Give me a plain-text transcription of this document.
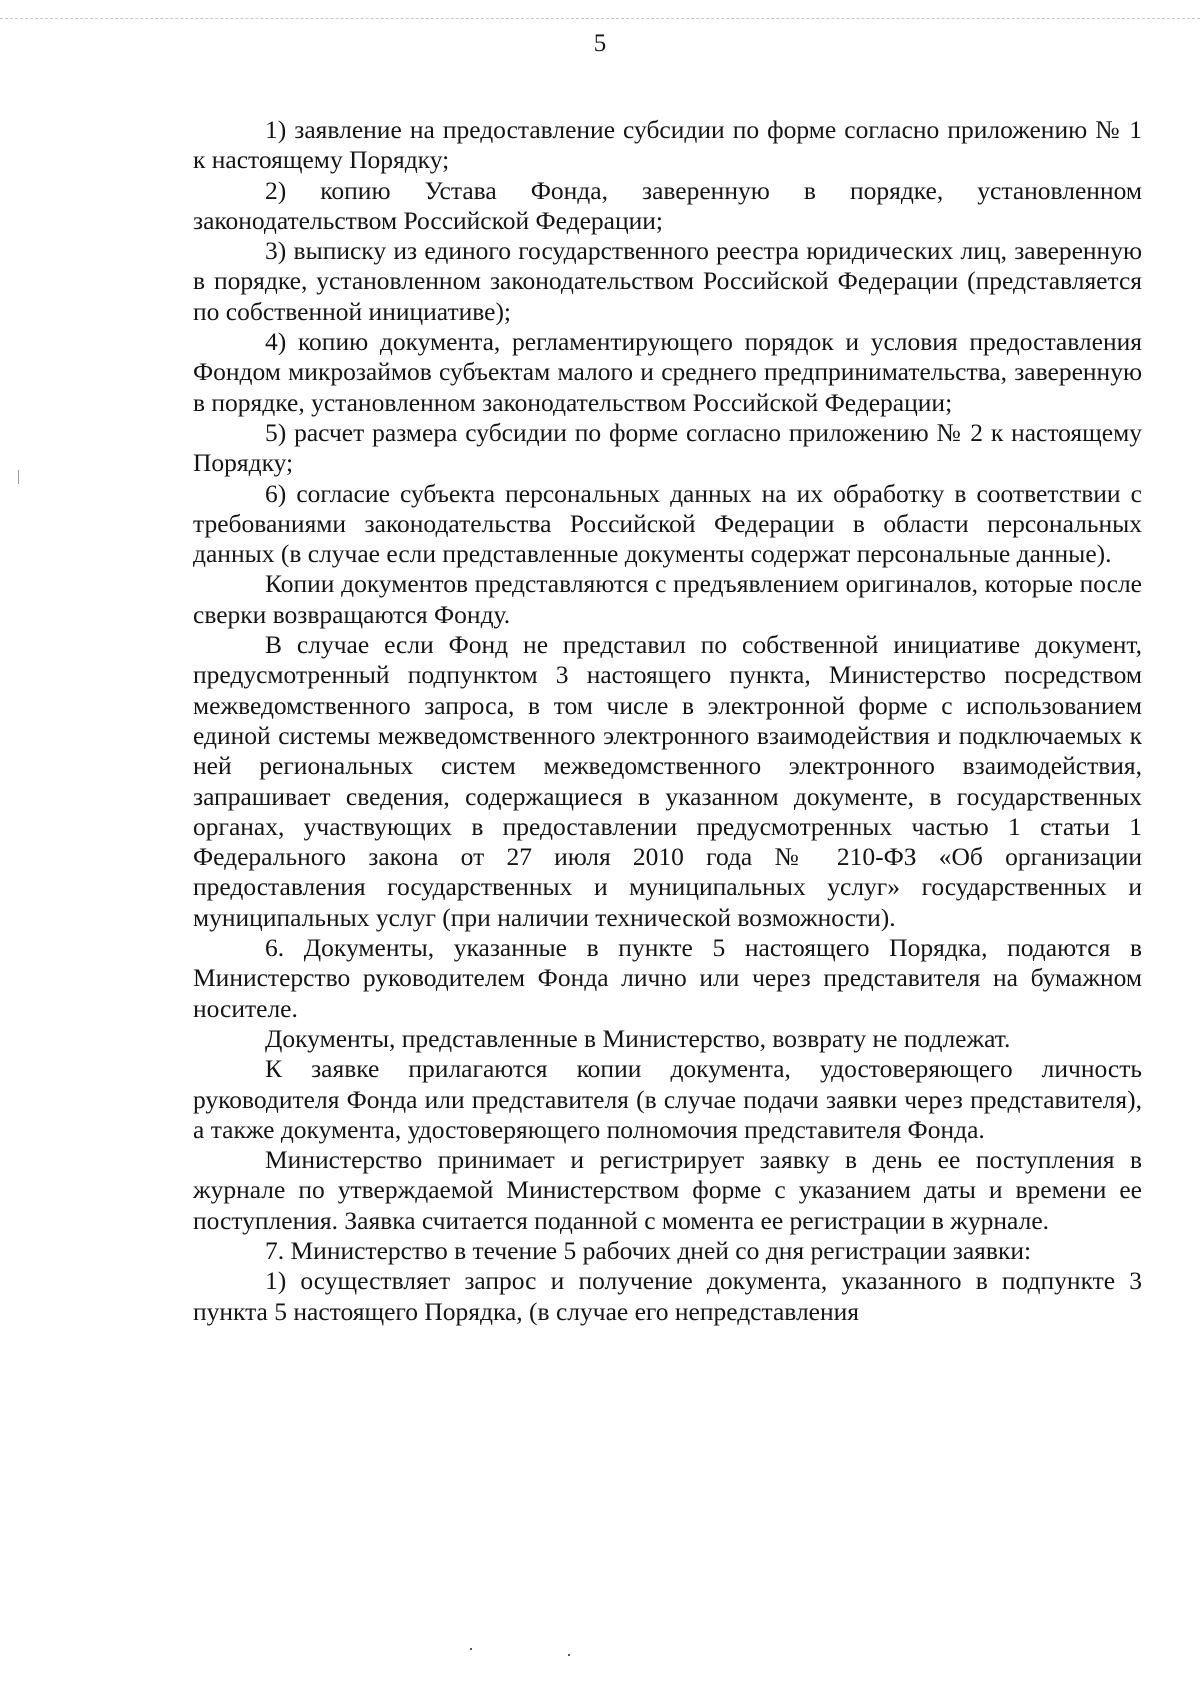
5

1) заявление на предоставление субсидии по форме согласно приложению № 1 к настоящему Порядку;

2) копию Устава Фонда, заверенную в порядке, установленном законодательством Российской Федерации;

3) выписку из единого государственного реестра юридических лиц, заверенную в порядке, установленном законодательством Российской Федерации (представляется по собственной инициативе);

4) копию документа, регламентирующего порядок и условия предоставления Фондом микрозаймов субъектам малого и среднего предпринимательства, заверенную в порядке, установленном законодательством Российской Федерации;

5) расчет размера субсидии по форме согласно приложению № 2 к настоящему Порядку;

6) согласие субъекта персональных данных на их обработку в соответствии с требованиями законодательства Российской Федерации в области персональных данных (в случае если представленные документы содержат персональные данные).

Копии документов представляются с предъявлением оригиналов, которые после сверки возвращаются Фонду.

В случае если Фонд не представил по собственной инициативе документ, предусмотренный подпунктом 3 настоящего пункта, Министерство посредством межведомственного запроса, в том числе в электронной форме с использованием единой системы межведомственного электронного взаимодействия и подключаемых к ней региональных систем межведомственного электронного взаимодействия, запрашивает сведения, содержащиеся в указанном документе, в государственных органах, участвующих в предоставлении предусмотренных частью 1 статьи 1 Федерального закона от 27 июля 2010 года № 210-ФЗ «Об организации предоставления государственных и муниципальных услуг» государственных и муниципальных услуг (при наличии технической возможности).

6. Документы, указанные в пункте 5 настоящего Порядка, подаются в Министерство руководителем Фонда лично или через представителя на бумажном носителе.

Документы, представленные в Министерство, возврату не подлежат.

К заявке прилагаются копии документа, удостоверяющего личность руководителя Фонда или представителя (в случае подачи заявки через представителя), а также документа, удостоверяющего полномочия представителя Фонда.

Министерство принимает и регистрирует заявку в день ее поступления в журнале по утверждаемой Министерством форме с указанием даты и времени ее поступления. Заявка считается поданной с момента ее регистрации в журнале.

7. Министерство в течение 5 рабочих дней со дня регистрации заявки:

1) осуществляет запрос и получение документа, указанного в подпункте 3 пункта 5 настоящего Порядка, (в случае его непредставления
